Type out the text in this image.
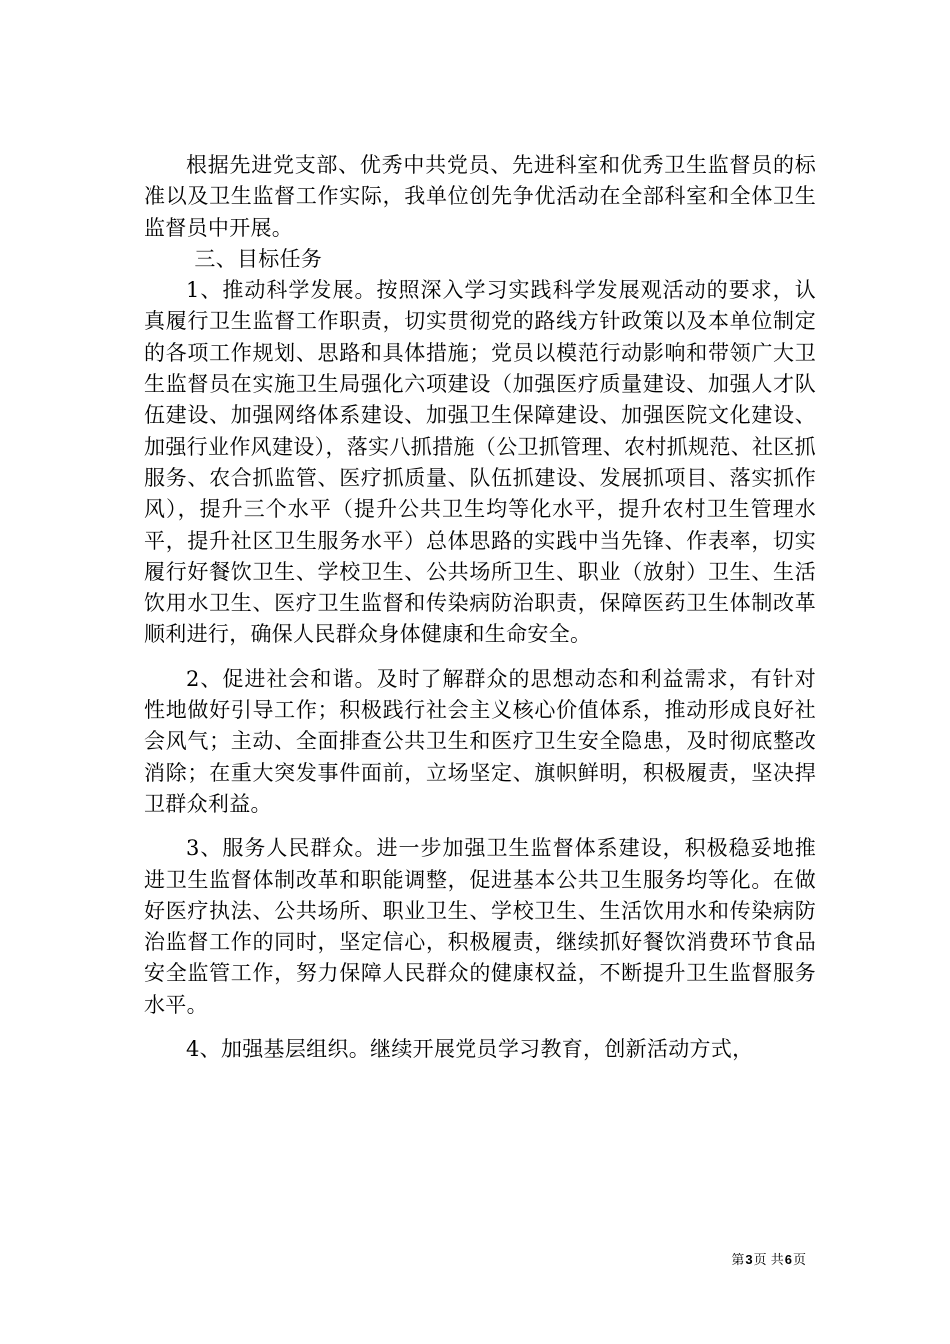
根据先进党支部、优秀中共党员、先进科室和优秀卫生监督员的标准以及卫生监督工作实际，我单位创先争优活动在全部科室和全体卫生监督员中开展。

三、目标任务

1、推动科学发展。按照深入学习实践科学发展观活动的要求，认真履行卫生监督工作职责，切实贯彻党的路线方针政策以及本单位制定的各项工作规划、思路和具体措施；党员以模范行动影响和带领广大卫生监督员在实施卫生局强化六项建设（加强医疗质量建设、加强人才队伍建设、加强网络体系建设、加强卫生保障建设、加强医院文化建设、加强行业作风建设），落实八抓措施（公卫抓管理、农村抓规范、社区抓服务、农合抓监管、医疗抓质量、队伍抓建设、发展抓项目、落实抓作风），提升三个水平（提升公共卫生均等化水平，提升农村卫生管理水平，提升社区卫生服务水平）总体思路的实践中当先锋、作表率，切实履行好餐饮卫生、学校卫生、公共场所卫生、职业（放射）卫生、生活饮用水卫生、医疗卫生监督和传染病防治职责，保障医药卫生体制改革顺利进行，确保人民群众身体健康和生命安全。

2、促进社会和谐。及时了解群众的思想动态和利益需求，有针对性地做好引导工作；积极践行社会主义核心价值体系，推动形成良好社会风气；主动、全面排查公共卫生和医疗卫生安全隐患，及时彻底整改消除；在重大突发事件面前，立场坚定、旗帜鲜明，积极履责，坚决捍卫群众利益。

3、服务人民群众。进一步加强卫生监督体系建设，积极稳妥地推进卫生监督体制改革和职能调整，促进基本公共卫生服务均等化。在做好医疗执法、公共场所、职业卫生、学校卫生、生活饮用水和传染病防治监督工作的同时，坚定信心，积极履责，继续抓好餐饮消费环节食品安全监管工作，努力保障人民群众的健康权益，不断提升卫生监督服务水平。

4、加强基层组织。继续开展党员学习教育，创新活动方式，

第3页 共6页
